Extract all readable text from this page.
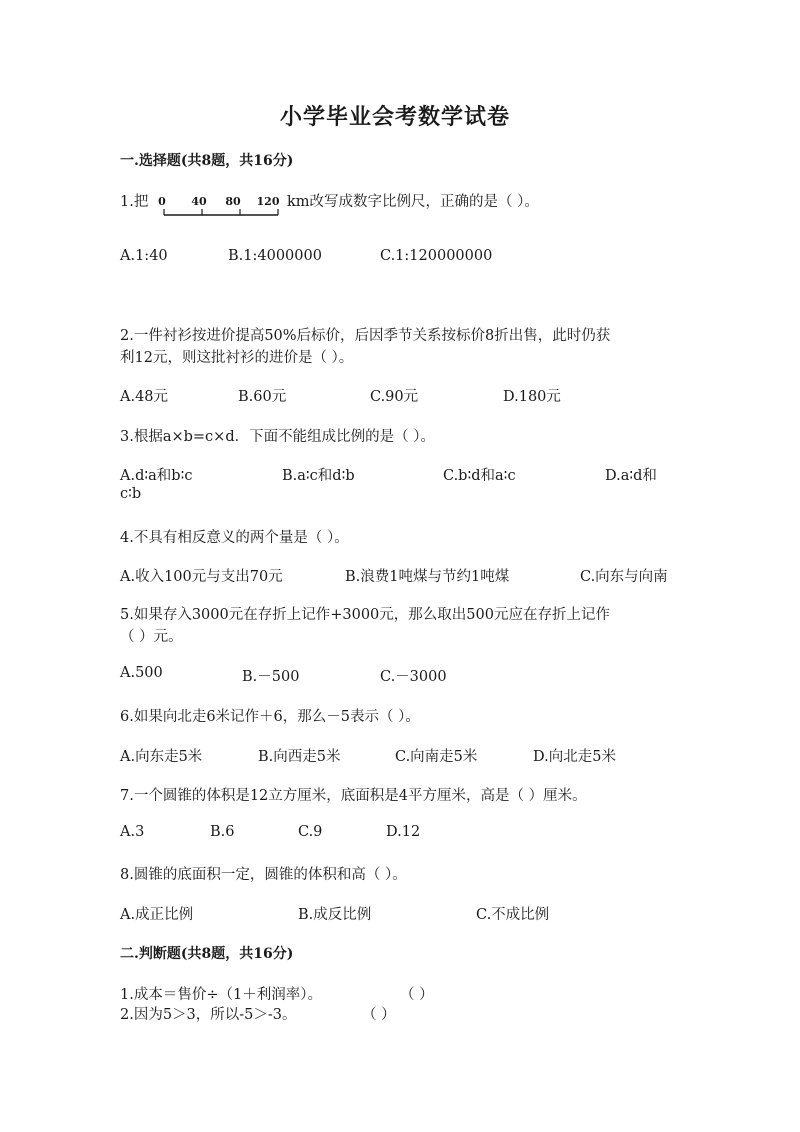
小学毕业会考数学试卷
一.选择题(共8题，共16分)
1.把 0 40 80 120 km改写成数字比例尺，正确的是（ ）。
A.1:40	B.1:4000000	C.1:120000000
2.一件衬衫按进价提高50%后标价，后因季节关系按标价8折出售，此时仍获
利12元，则这批衬衫的进价是（ ）。
A.48元	B.60元	C.90元	D.180元
3.根据a×b=c×d．下面不能组成比例的是（ ）。
A.d∶a和b∶c	B.a∶c和d∶b	C.b∶d和a∶c	D.a∶d和
c∶b
4.不具有相反意义的两个量是（ ）。
A.收入100元与支出70元	B.浪费1吨煤与节约1吨煤	C.向东与向南
5.如果存入3000元在存折上记作+3000元，那么取出500元应在存折上记作
（ ）元。
A.500	B.－500	C.－3000
6.如果向北走6米记作＋6，那么－5表示（ ）。
A.向东走5米	B.向西走5米	C.向南走5米	D.向北走5米
7.一个圆锥的体积是12立方厘米，底面积是4平方厘米，高是（ ）厘米。
A.3	B.6	C.9	D.12
8.圆锥的底面积一定，圆锥的体积和高（ ）。
A.成正比例	B.成反比例	C.不成比例
二.判断题(共8题，共16分)
1.成本＝售价÷（1＋利润率）。	（ ）
2.因为5＞3，所以-5＞-3。	（ ）
